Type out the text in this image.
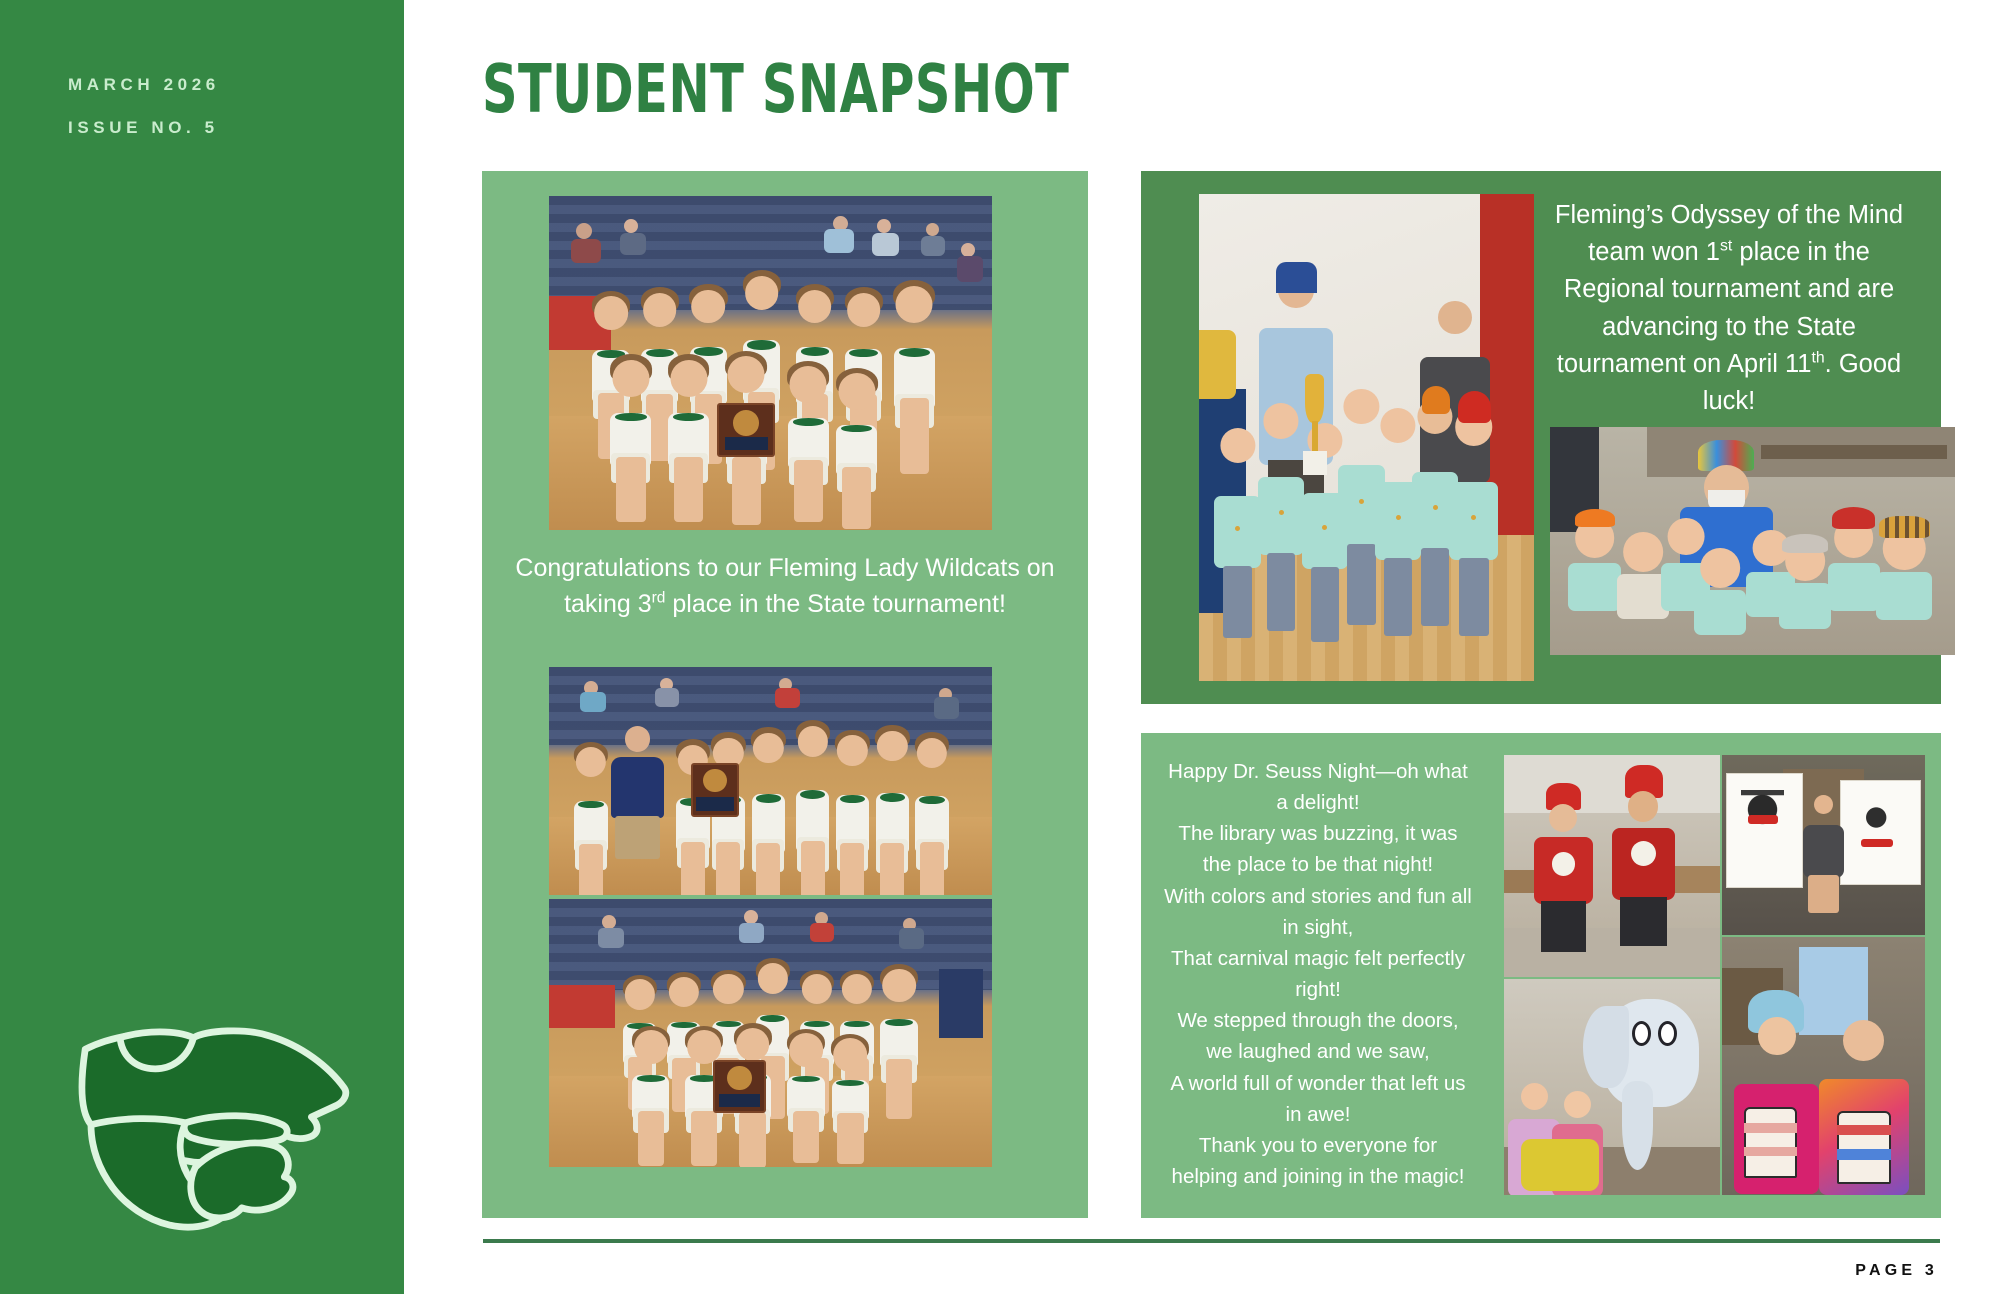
MARCH 2026
ISSUE NO. 5	STUDENT SNAPSHOT
Congratulations to our Fleming Lady Wildcats on taking 3rd place in the State tournament!
Fleming’s Odyssey of the Mind team won 1st place in the Regional tournament and are advancing to the State tournament on April 11th. Good luck!
Happy Dr. Seuss Night—oh what a delight!
The library was buzzing, it was the place to be that night!
With colors and stories and fun all in sight,
That carnival magic felt perfectly right!
We stepped through the doors, we laughed and we saw,
A world full of wonder that left us in awe!
Thank you to everyone for helping and joining in the magic!
PAGE 3
